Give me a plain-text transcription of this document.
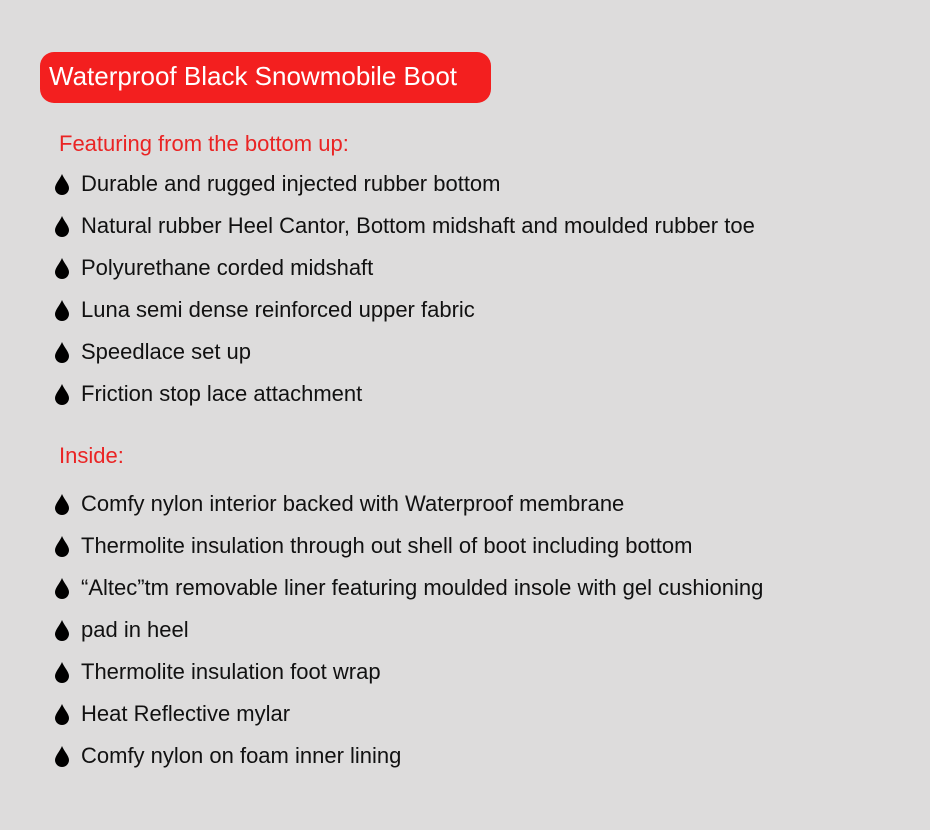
Waterproof Black Snowmobile Boot
Featuring from the bottom up:
Durable and rugged injected rubber bottom
Natural rubber Heel Cantor, Bottom midshaft and moulded rubber toe
Polyurethane corded midshaft
Luna semi dense reinforced upper fabric
Speedlace set up
Friction stop lace attachment
Inside:
Comfy nylon interior backed with Waterproof membrane
Thermolite insulation through out shell of boot including bottom
“Altec”tm removable liner featuring moulded insole with gel cushioning
pad in heel
Thermolite insulation foot wrap
Heat Reflective mylar
Comfy nylon on foam inner lining
